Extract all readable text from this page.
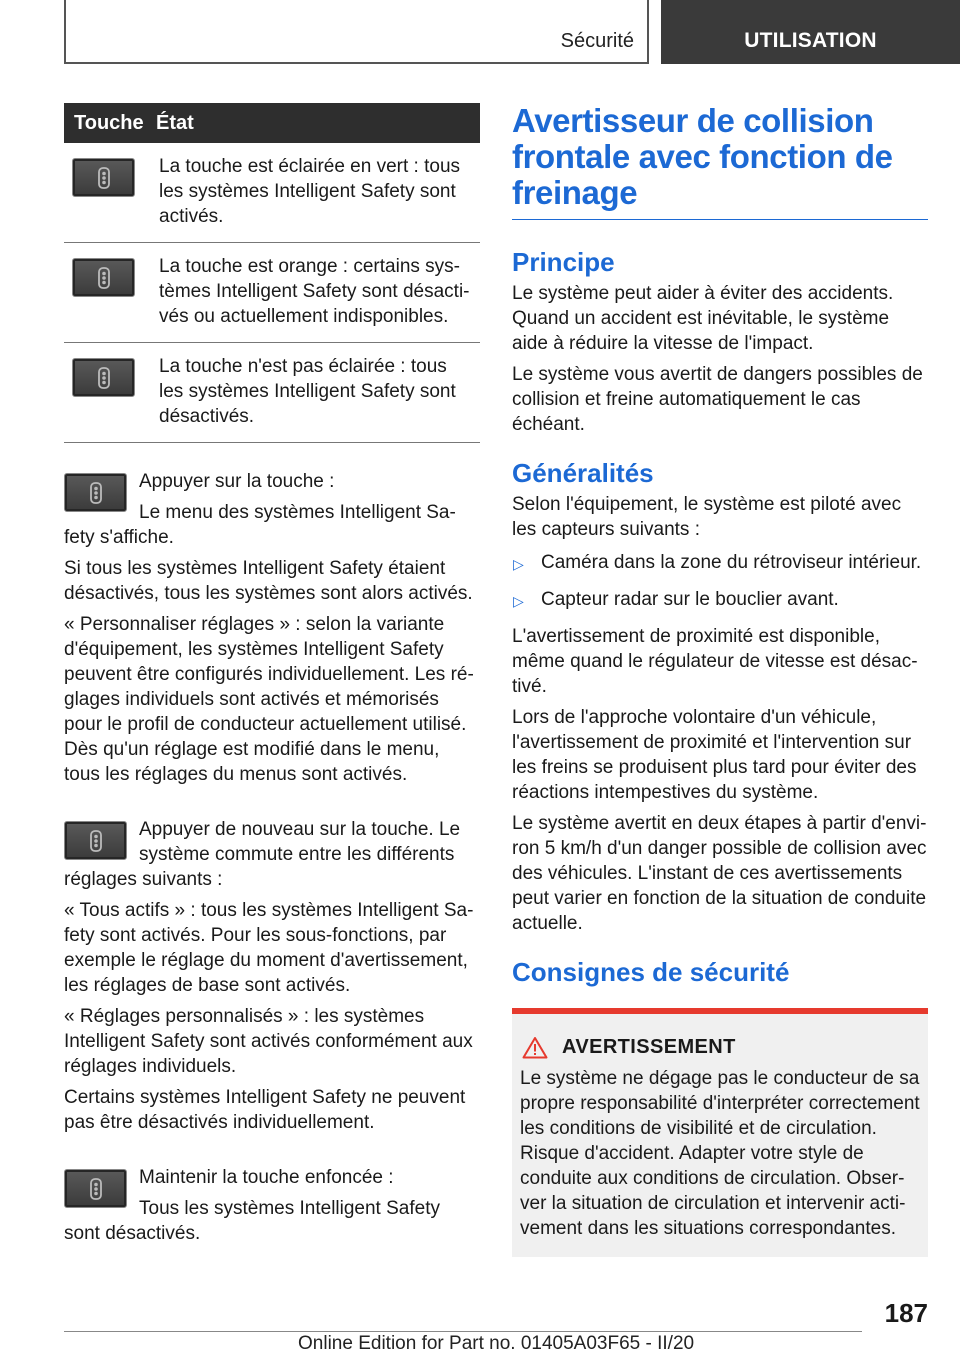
Sécurité	UTILISATION
Touche	État

	La touche est éclairée en vert : tous les systèmes Intelligent Safety sont activés.

	La touche est orange : certains systèmes Intelligent Safety sont désactivés ou actuellement indisponibles.

	La touche n'est pas éclairée : tous les systèmes Intelligent Safety sont désactivés.

Appuyer sur la touche :

Le menu des systèmes Intelligent Safety s'affiche.

Si tous les systèmes Intelligent Safety étaient désactivés, tous les systèmes sont alors activés.

« Personnaliser réglages » : selon la variante d'équipement, les systèmes Intelligent Safety peuvent être configurés individuellement. Les réglages individuels sont activés et mémorisés pour le profil de conducteur actuellement utilisé. Dès qu'un réglage est modifié dans le menu, tous les réglages du menus sont activés.

Appuyer de nouveau sur la touche. Le système commute entre les différents réglages suivants :

« Tous actifs » : tous les systèmes Intelligent Safety sont activés. Pour les sous-fonctions, par exemple le réglage du moment d'avertissement, les réglages de base sont activés.

« Réglages personnalisés » : les systèmes Intelligent Safety sont activés conformément aux réglages individuels.

Certains systèmes Intelligent Safety ne peuvent pas être désactivés individuellement.

Maintenir la touche enfoncée :

Tous les systèmes Intelligent Safety sont désactivés.

Avertisseur de collision frontale avec fonction de freinage
Principe

Le système peut aider à éviter des accidents. Quand un accident est inévitable, le système aide à réduire la vitesse de l'impact.

Le système vous avertit de dangers possibles de collision et freine automatiquement le cas échéant.

Généralités

Selon l'équipement, le système est piloté avec les capteurs suivants :

▷ Caméra dans la zone du rétroviseur intérieur.
▷ Capteur radar sur le bouclier avant.

L'avertissement de proximité est disponible, même quand le régulateur de vitesse est désactivé.

Lors de l'approche volontaire d'un véhicule, l'avertissement de proximité et l'intervention sur les freins se produisent plus tard pour éviter des réactions intempestives du système.

Le système avertit en deux étapes à partir d'environ 5 km/h d'un danger possible de collision avec des véhicules. L'instant de ces avertissements peut varier en fonction de la situation de conduite actuelle.

Consignes de sécurité
AVERTISSEMENT

Le système ne dégage pas le conducteur de sa propre responsabilité d'interpréter correctement les conditions de visibilité et de circulation. Risque d'accident. Adapter votre style de conduite aux conditions de circulation. Observer la situation de circulation et intervenir activement dans les situations correspondantes.

187
Online Edition for Part no. 01405A03F65 - II/20
